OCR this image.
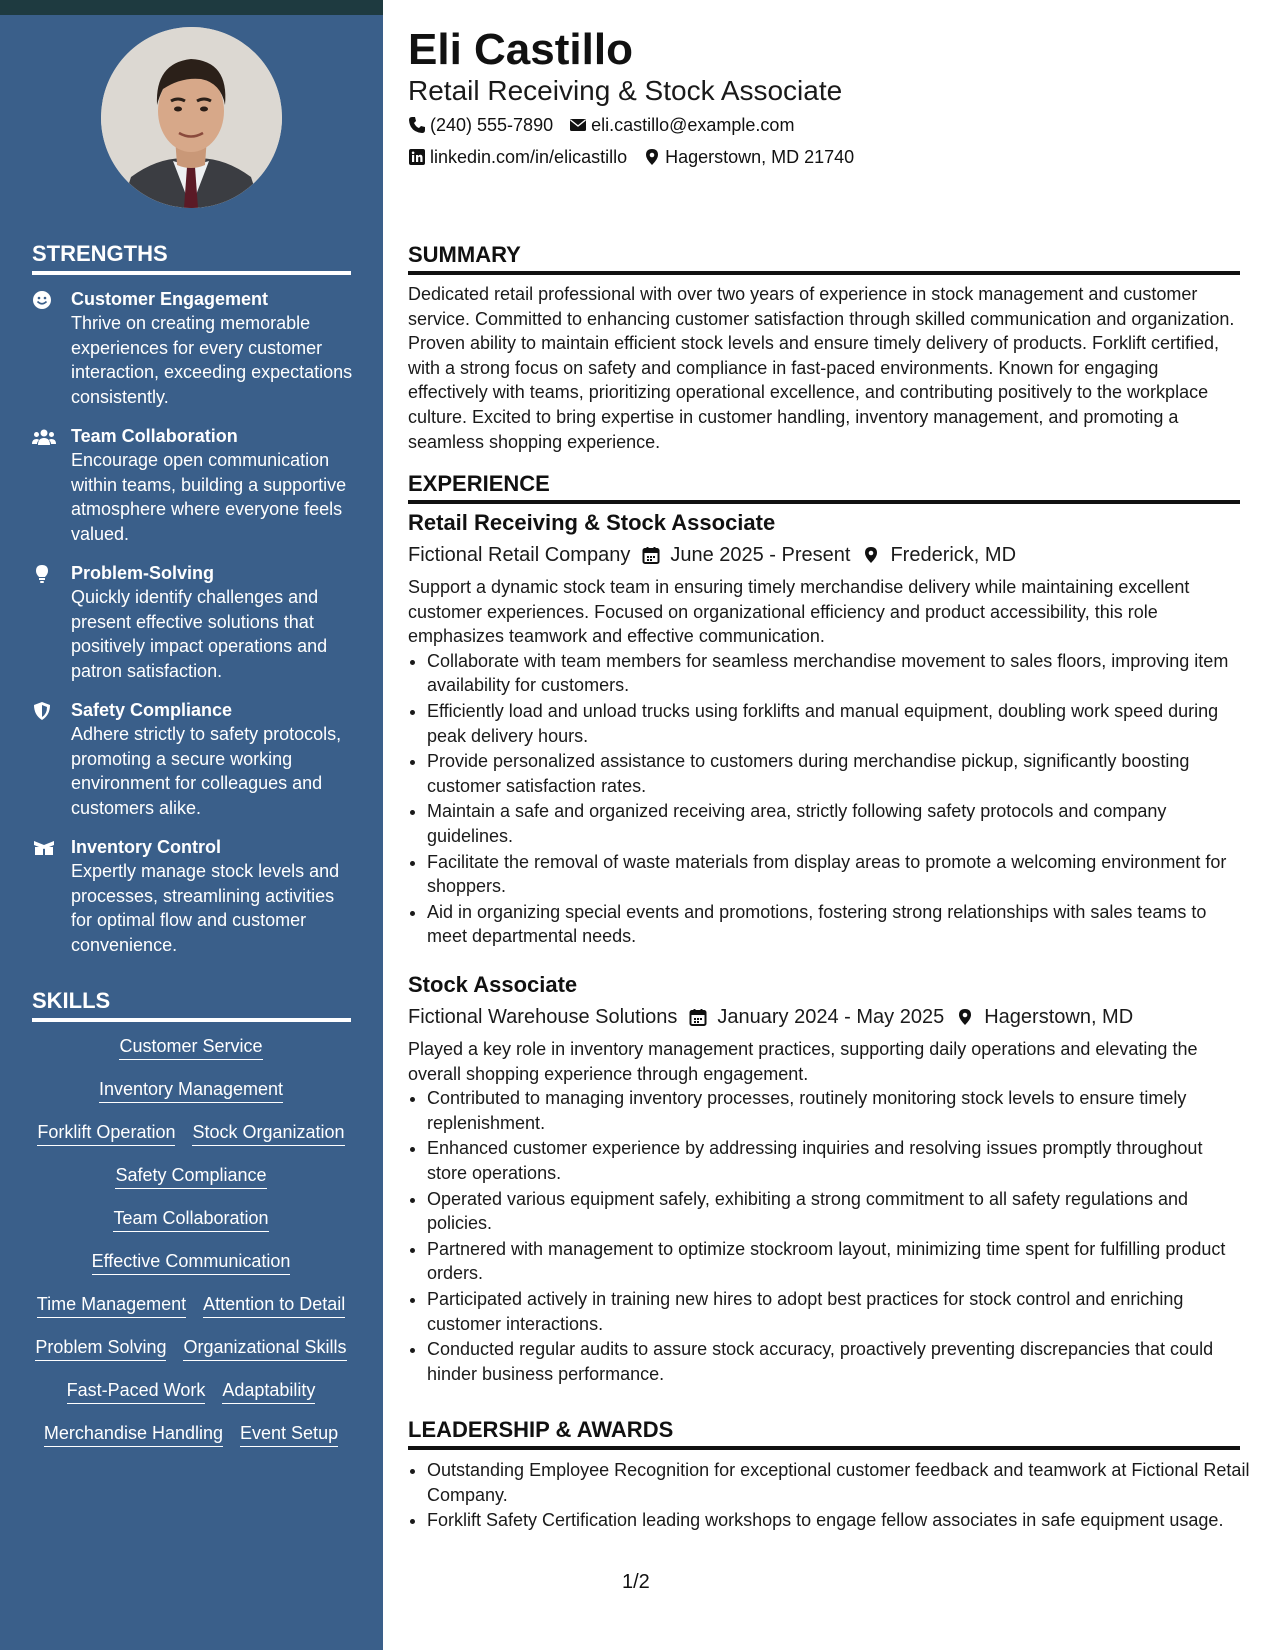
STRENGTHS
Customer Engagement
Thrive on creating memorable experiences for every customer interaction, exceeding expectations consistently.
Team Collaboration
Encourage open communication within teams, building a supportive atmosphere where everyone feels valued.
Problem-Solving
Quickly identify challenges and present effective solutions that positively impact operations and patron satisfaction.
Safety Compliance
Adhere strictly to safety protocols, promoting a secure working environment for colleagues and customers alike.
Inventory Control
Expertly manage stock levels and processes, streamlining activities for optimal flow and customer convenience.
SKILLS
Customer Service
Inventory Management
Forklift Operation Stock Organization
Safety Compliance
Team Collaboration
Effective Communication
Time Management Attention to Detail
Problem Solving Organizational Skills
Fast-Paced Work Adaptability
Merchandise Handling Event Setup
Eli Castillo
Retail Receiving & Stock Associate
(240) 555-7890 eli.castillo@example.com
linkedin.com/in/elicastillo Hagerstown, MD 21740
SUMMARY
Dedicated retail professional with over two years of experience in stock management and customer service. Committed to enhancing customer satisfaction through skilled communication and organization. Proven ability to maintain efficient stock levels and ensure timely delivery of products. Forklift certified, with a strong focus on safety and compliance in fast-paced environments. Known for engaging effectively with teams, prioritizing operational excellence, and contributing positively to the workplace culture. Excited to bring expertise in customer handling, inventory management, and promoting a seamless shopping experience.
EXPERIENCE
Retail Receiving & Stock Associate
Fictional Retail Company June 2025 - Present Frederick, MD
Support a dynamic stock team in ensuring timely merchandise delivery while maintaining excellent customer experiences. Focused on organizational efficiency and product accessibility, this role emphasizes teamwork and effective communication.
• Collaborate with team members for seamless merchandise movement to sales floors, improving item availability for customers.
• Efficiently load and unload trucks using forklifts and manual equipment, doubling work speed during peak delivery hours.
• Provide personalized assistance to customers during merchandise pickup, significantly boosting customer satisfaction rates.
• Maintain a safe and organized receiving area, strictly following safety protocols and company guidelines.
• Facilitate the removal of waste materials from display areas to promote a welcoming environment for shoppers.
• Aid in organizing special events and promotions, fostering strong relationships with sales teams to meet departmental needs.
Stock Associate
Fictional Warehouse Solutions January 2024 - May 2025 Hagerstown, MD
Played a key role in inventory management practices, supporting daily operations and elevating the overall shopping experience through engagement.
• Contributed to managing inventory processes, routinely monitoring stock levels to ensure timely replenishment.
• Enhanced customer experience by addressing inquiries and resolving issues promptly throughout store operations.
• Operated various equipment safely, exhibiting a strong commitment to all safety regulations and policies.
• Partnered with management to optimize stockroom layout, minimizing time spent for fulfilling product orders.
• Participated actively in training new hires to adopt best practices for stock control and enriching customer interactions.
• Conducted regular audits to assure stock accuracy, proactively preventing discrepancies that could hinder business performance.
LEADERSHIP & AWARDS
• Outstanding Employee Recognition for exceptional customer feedback and teamwork at Fictional Retail Company.
• Forklift Safety Certification leading workshops to engage fellow associates in safe equipment usage.
1/2
